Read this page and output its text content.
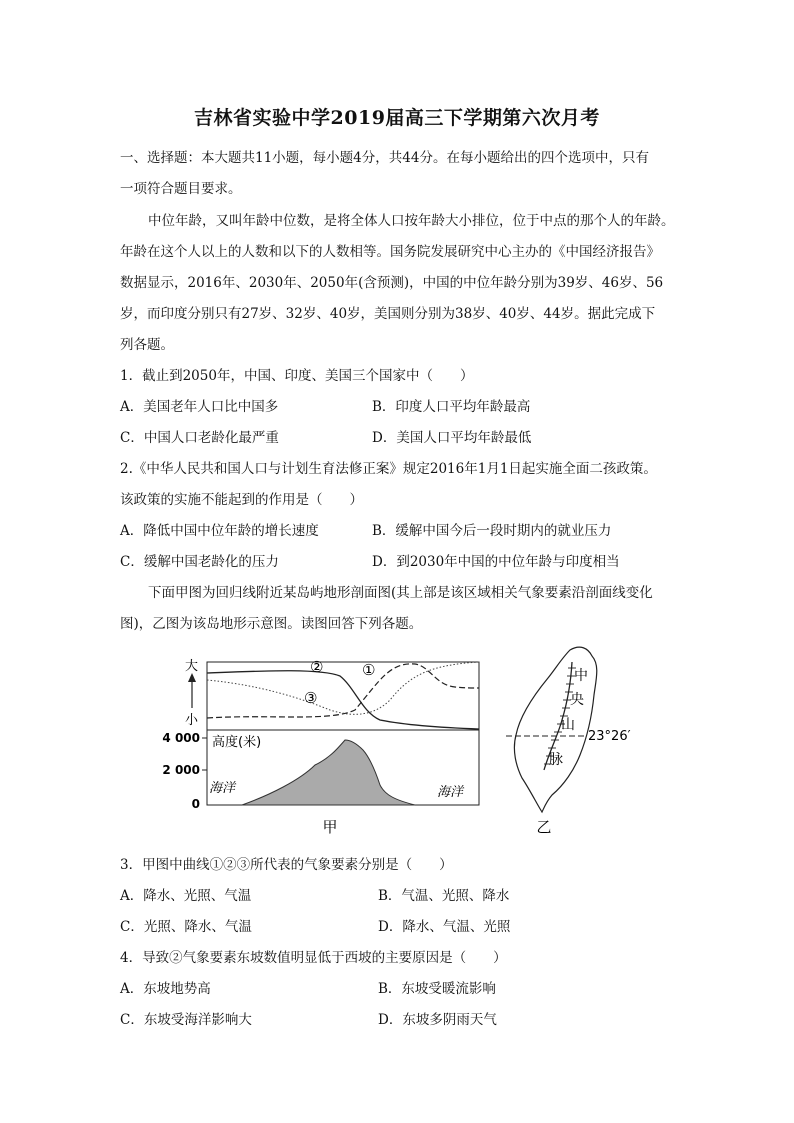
吉林省实验中学2019届高三下学期第六次月考
一、选择题：本大题共11小题，每小题4分，共44分。在每小题给出的四个选项中，只有
一项符合题目要求。
中位年龄，又叫年龄中位数，是将全体人口按年龄大小排位，位于中点的那个人的年龄。
年龄在这个人以上的人数和以下的人数相等。国务院发展研究中心主办的《中国经济报告》
数据显示，2016年、2030年、2050年(含预测)，中国的中位年龄分别为39岁、46岁、56
岁，而印度分别只有27岁、32岁、40岁，美国则分别为38岁、40岁、44岁。据此完成下
列各题。
1．截止到2050年，中国、印度、美国三个国家中（　　）
A．美国老年人口比中国多	B．印度人口平均年龄最高
C．中国人口老龄化最严重	D．美国人口平均年龄最低
2.《中华人民共和国人口与计划生育法修正案》规定2016年1月1日起实施全面二孩政策。
该政策的实施不能起到的作用是（　　）
A．降低中国中位年龄的增长速度	B．缓解中国今后一段时期内的就业压力
C．缓解中国老龄化的压力	D．到2030年中国的中位年龄与印度相当
下面甲图为回归线附近某岛屿地形剖面图(其上部是该区域相关气象要素沿剖面线变化
图)，乙图为该岛地形示意图。读图回答下列各题。
大
小
②	①
③
4 000
2 000
0
高度(米)
海洋	海洋
甲
23°26′
中
央
山
脉
乙
3．甲图中曲线①②③所代表的气象要素分别是（　　）
A．降水、光照、气温	B．气温、光照、降水
C．光照、降水、气温	D．降水、气温、光照
4．导致②气象要素东坡数值明显低于西坡的主要原因是（　　）
A．东坡地势高	B．东坡受暖流影响
C．东坡受海洋影响大	D．东坡多阴雨天气
